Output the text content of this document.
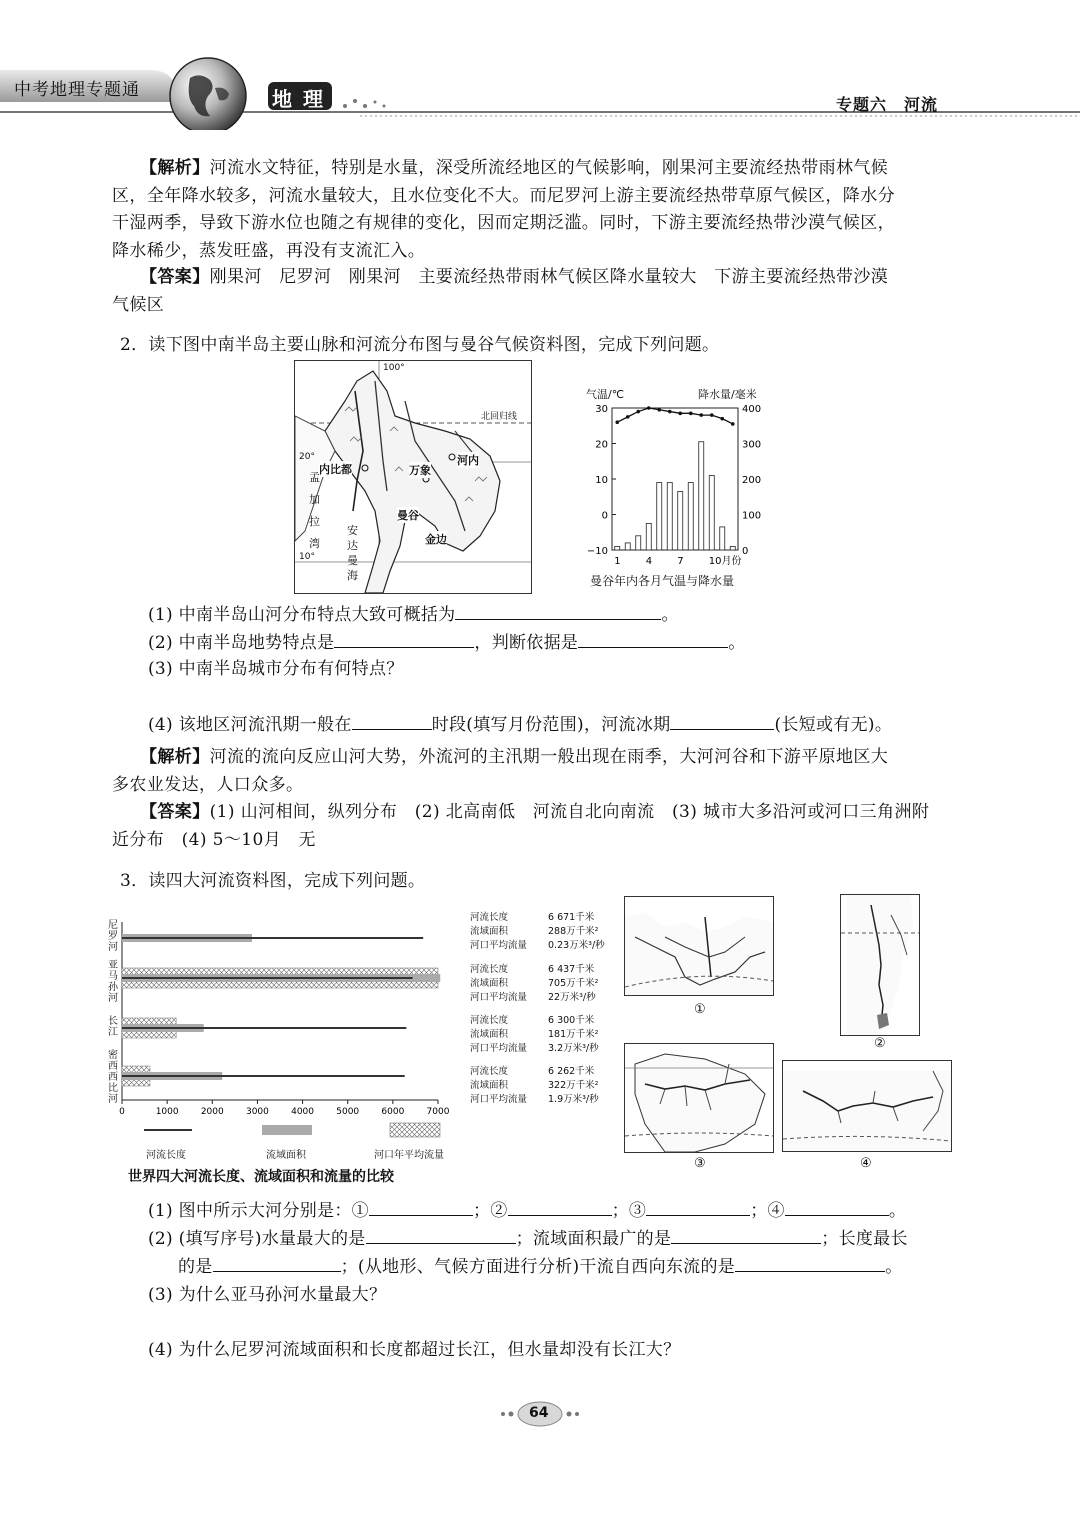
中考地理专题通	地 理	专题六　河流
【解析】河流水文特征，特别是水量，深受所流经地区的气候影响，刚果河主要流经热带雨林气候
区，全年降水较多，河流水量较大，且水位变化不大。而尼罗河上游主要流经热带草原气候区，降水分
干湿两季，导致下游水位也随之有规律的变化，因而定期泛滥。同时，下游主要流经热带沙漠气候区，
降水稀少，蒸发旺盛，再没有支流汇入。
【答案】刚果河　尼罗河　刚果河　主要流经热带雨林气候区降水量较大　下游主要流经热带沙漠
气候区
2．读下图中南半岛主要山脉和河流分布图与曼谷气候资料图，完成下列问题。
100°
北回归线
20°
10°
内比都	万象
河内
曼谷
金边
孟加拉湾
安达曼海
30
20
10
0
−10
400
300
200
100
0
1	4	7	10月份
气温/℃	降水量/毫米
曼谷年内各月气温与降水量
(1) 中南半岛山河分布特点大致可概括为	。
(2) 中南半岛地势特点是	，判断依据是	。
(3) 中南半岛城市分布有何特点？
(4) 该地区河流汛期一般在	时段(填写月份范围)，河流冰期	(长短或有无)。
【解析】河流的流向反应山河大势，外流河的主汛期一般出现在雨季，大河河谷和下游平原地区大
多农业发达，人口众多。
【答案】(1) 山河相间，纵列分布　(2) 北高南低　河流自北向南流　(3) 城市大多沿河或河口三角洲附
近分布　(4) 5～10月　无
3．读四大河流资料图，完成下列问题。
0	1000 2000 3000 4000 5000 6000 7000
尼罗河
亚马孙河
长江
密西西比河
河流长度	流域面积	河口年平均流量
世界四大河流长度、流域面积和流量的比较
河流长度	6 671千米
流域面积	288万千米²
河口平均流量 0.23万米³/秒
河流长度	6 437千米
流域面积	705万千米²
河口平均流量 22万米³/秒
河流长度	6 300千米
流域面积	181万千米²
河口平均流量 3.2万米³/秒
河流长度	6 262千米
流域面积	322万千米²
河口平均流量 1.9万米³/秒
①
②
③	④
(1) 图中所示大河分别是：①	；②	；③	；④	。
(2) (填写序号)水量最大的是	；流域面积最广的是	；长度最长
的是	；(从地形、气候方面进行分析)干流自西向东流的是	。
(3) 为什么亚马孙河水量最大？
(4) 为什么尼罗河流域面积和长度都超过长江，但水量却没有长江大？
64
